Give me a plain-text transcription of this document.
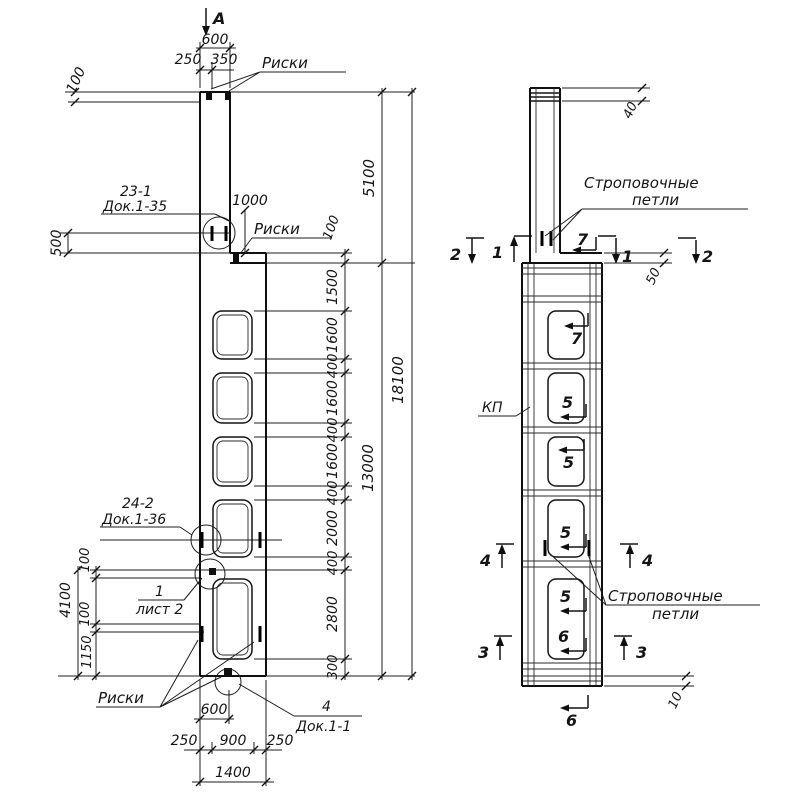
А
600
250 350
100
Риски
23-1
Док.1-35	1000
Риски
500
100
1500
1600
400
1600
400
1600
400
2000
400
2800
300
5100
13000
18100
24-2
Док.1-36
1
лист 2
4100
100
100
1150
Риски	4
Док.1-1
600
250 900 250
1400
40
Строповочные
петли
2 1
7
1	2
50
7
5
5
5
5
6
КП
4	4
Строповочные
петли
3	3
6
10
